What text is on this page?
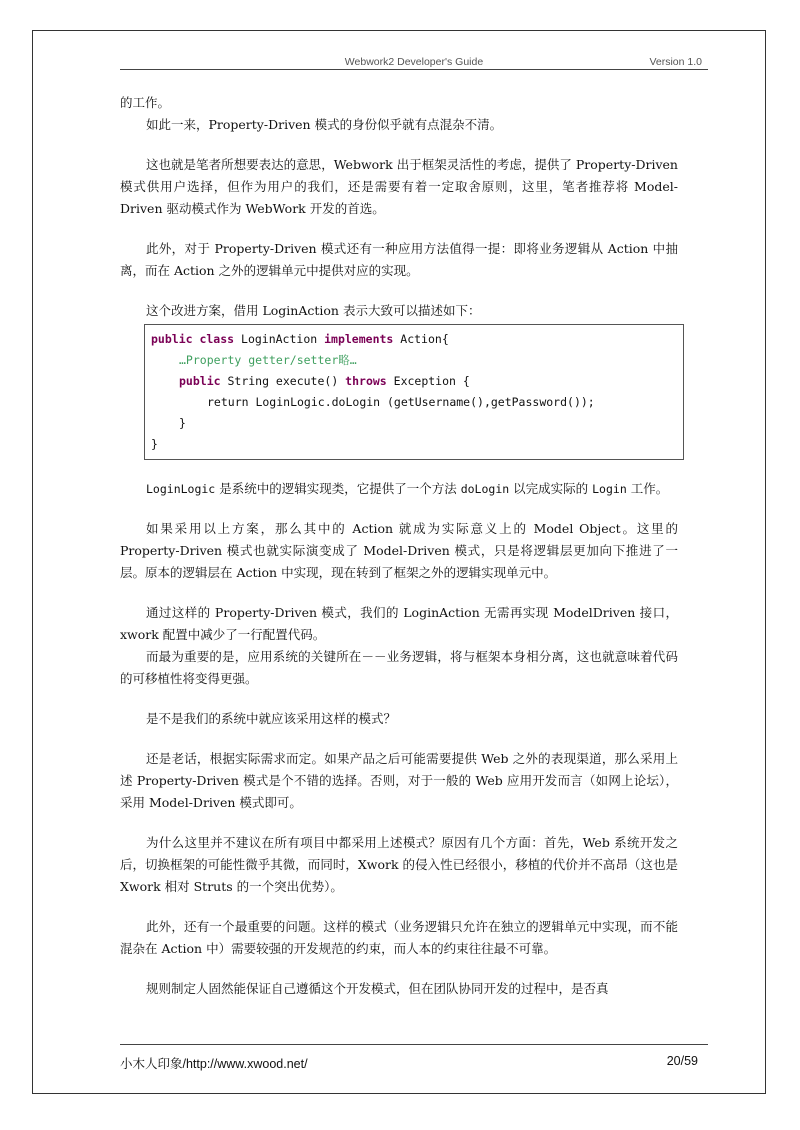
Webwork2 Developer's Guide	Version 1.0

的工作。

如此一来，Property-Driven 模式的身份似乎就有点混杂不清。

这也就是笔者所想要表达的意思，Webwork 出于框架灵活性的考虑，提供了 Property-Driven 模式供用户选择，但作为用户的我们，还是需要有着一定取舍原则，这里，笔者推荐将 Model-Driven 驱动模式作为 WebWork 开发的首选。

此外，对于 Property-Driven 模式还有一种应用方法值得一提：即将业务逻辑从 Action 中抽离，而在 Action 之外的逻辑单元中提供对应的实现。

这个改进方案，借用 LoginAction 表示大致可以描述如下：

public class LoginAction implements Action{
…Property getter/setter略…
public String execute() throws Exception {
return LoginLogic.doLogin (getUsername(),getPassword());
}
}

LoginLogic 是系统中的逻辑实现类，它提供了一个方法 doLogin 以完成实际的 Login 工作。

如果采用以上方案，那么其中的 Action 就成为实际意义上的 Model Object。这里的 Property-Driven 模式也就实际演变成了 Model-Driven 模式，只是将逻辑层更加向下推进了一层。原本的逻辑层在 Action 中实现，现在转到了框架之外的逻辑实现单元中。

通过这样的 Property-Driven 模式，我们的 LoginAction 无需再实现 ModelDriven 接口，xwork 配置中减少了一行配置代码。

而最为重要的是，应用系统的关键所在－－业务逻辑，将与框架本身相分离，这也就意味着代码的可移植性将变得更强。

是不是我们的系统中就应该采用这样的模式？

还是老话，根据实际需求而定。如果产品之后可能需要提供 Web 之外的表现渠道，那么采用上述 Property-Driven 模式是个不错的选择。否则，对于一般的 Web 应用开发而言（如网上论坛），采用 Model-Driven 模式即可。

为什么这里并不建议在所有项目中都采用上述模式？原因有几个方面：首先，Web 系统开发之后，切换框架的可能性微乎其微，而同时，Xwork 的侵入性已经很小，移植的代价并不高昂（这也是 Xwork 相对 Struts 的一个突出优势）。

此外，还有一个最重要的问题。这样的模式（业务逻辑只允许在独立的逻辑单元中实现，而不能混杂在 Action 中）需要较强的开发规范的约束，而人本的约束往往最不可靠。

规则制定人固然能保证自己遵循这个开发模式，但在团队协同开发的过程中，是否真

小木人印象/http://www.xwood.net/	20/59
